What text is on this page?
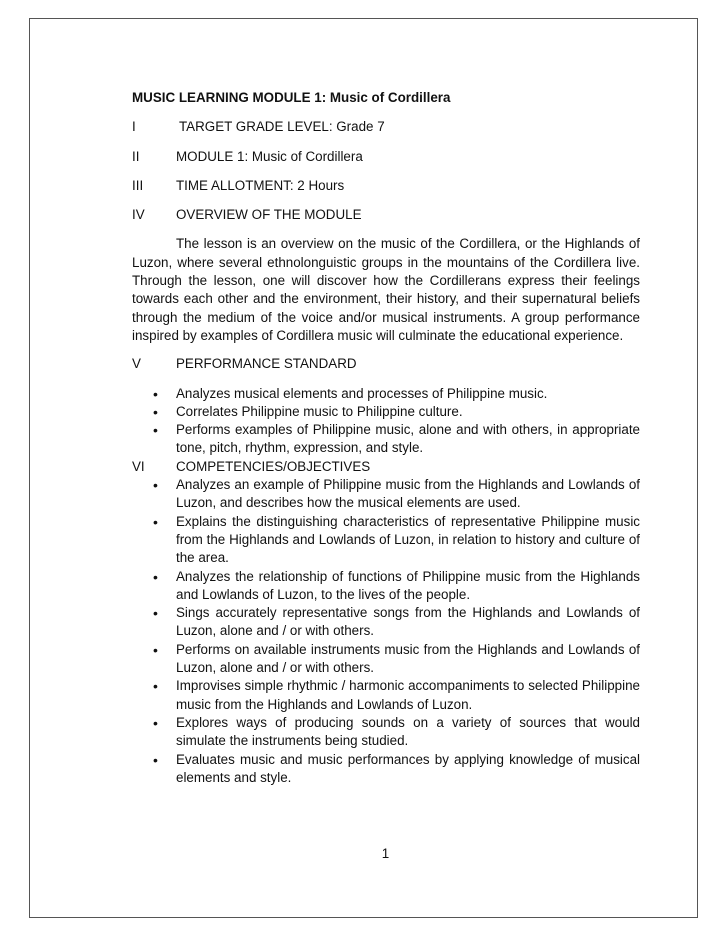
MUSIC LEARNING MODULE 1: Music of Cordillera
I	TARGET GRADE LEVEL: Grade 7
II	MODULE 1: Music of Cordillera
III	TIME ALLOTMENT: 2 Hours
IV	OVERVIEW OF THE MODULE

The lesson is an overview on the music of the Cordillera, or the Highlands of Luzon, where several ethnolonguistic groups in the mountains of the Cordillera live. Through the lesson, one will discover how the Cordillerans express their feelings towards each other and the environment, their history, and their supernatural beliefs through the medium of the voice and/or musical instruments. A group performance inspired by examples of Cordillera music will culminate the educational experience.

V	PERFORMANCE STANDARD
• Analyzes musical elements and processes of Philippine music.
• Correlates Philippine music to Philippine culture.
• Performs examples of Philippine music, alone and with others, in appropriate tone, pitch, rhythm, expression, and style.
VI	COMPETENCIES/OBJECTIVES
• Analyzes an example of Philippine music from the Highlands and Lowlands of Luzon, and describes how the musical elements are used.
• Explains the distinguishing characteristics of representative Philippine music from the Highlands and Lowlands of Luzon, in relation to history and culture of the area.
• Analyzes the relationship of functions of Philippine music from the Highlands and Lowlands of Luzon, to the lives of the people.
• Sings accurately representative songs from the Highlands and Lowlands of Luzon, alone and / or with others.
• Performs on available instruments music from the Highlands and Lowlands of Luzon, alone and / or with others.
• Improvises simple rhythmic / harmonic accompaniments to selected Philippine music from the Highlands and Lowlands of Luzon.
• Explores ways of producing sounds on a variety of sources that would simulate the instruments being studied.
• Evaluates music and music performances by applying knowledge of musical elements and style.
1
